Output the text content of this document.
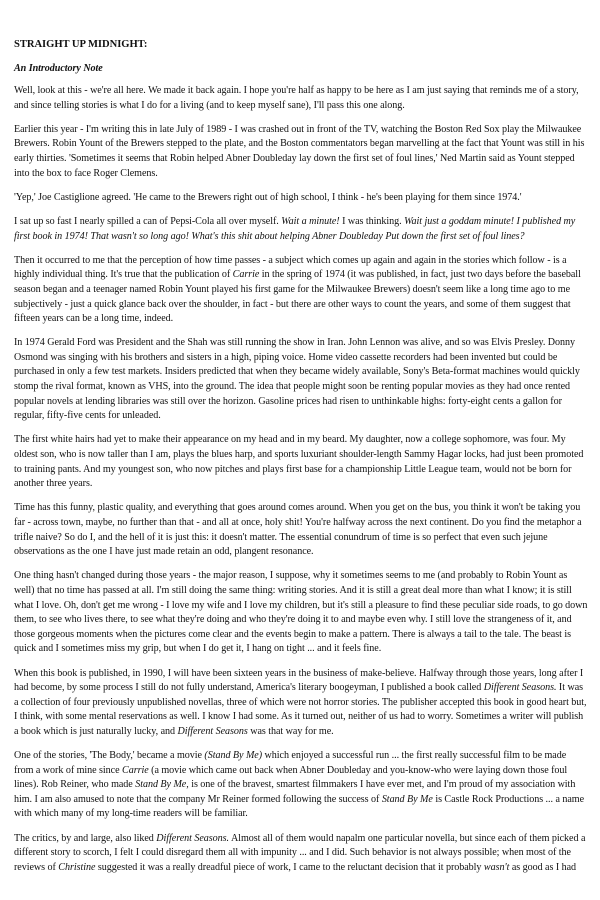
STRAIGHT UP MIDNIGHT:
An Introductory Note

Well, look at this - we're all here. We made it back again. I hope you're half as happy to be here as I am just saying that reminds me of a story, and since telling stories is what I do for a living (and to keep myself sane), I'll pass this one along.

Earlier this year - I'm writing this in late July of 1989 - I was crashed out in front of the TV, watching the Boston Red Sox play the Milwaukee Brewers. Robin Yount of the Brewers stepped to the plate, and the Boston commentators began marvelling at the fact that Yount was still in his early thirties. 'Sometimes it seems that Robin helped Abner Doubleday lay down the first set of foul lines,' Ned Martin said as Yount stepped into the box to face Roger Clemens.

'Yep,' Joe Castiglione agreed. 'He came to the Brewers right out of high school, I think - he's been playing for them since 1974.'

I sat up so fast I nearly spilled a can of Pepsi-Cola all over myself. Wait a minute! I was thinking. Wait just a goddam minute! I published my first book in 1974! That wasn't so long ago! What's this shit about helping Abner Doubleday Put down the first set of foul lines?

Then it occurred to me that the perception of how time passes - a subject which comes up again and again in the stories which follow - is a highly individual thing. It's true that the publication of Carrie in the spring of 1974 (it was published, in fact, just two days before the baseball season began and a teenager named Robin Yount played his first game for the Milwaukee Brewers) doesn't seem like a long time ago to me subjectively - just a quick glance back over the shoulder, in fact - but there are other ways to count the years, and some of them suggest that fifteen years can be a long time, indeed.

In 1974 Gerald Ford was President and the Shah was still running the show in Iran. John Lennon was alive, and so was Elvis Presley. Donny Osmond was singing with his brothers and sisters in a high, piping voice. Home video cassette recorders had been invented but could be purchased in only a few test markets. Insiders predicted that when they became widely available, Sony's Beta-format machines would quickly stomp the rival format, known as VHS, into the ground. The idea that people might soon be renting popular movies as they had once rented popular novels at lending libraries was still over the horizon. Gasoline prices had risen to unthinkable highs: forty-eight cents a gallon for regular, fifty-five cents for unleaded.

The first white hairs had yet to make their appearance on my head and in my beard. My daughter, now a college sophomore, was four. My oldest son, who is now taller than I am, plays the blues harp, and sports luxuriant shoulder-length Sammy Hagar locks, had just been promoted to training pants. And my youngest son, who now pitches and plays first base for a championship Little League team, would not be born for another three years.

Time has this funny, plastic quality, and everything that goes around comes around. When you get on the bus, you think it won't be taking you far - across town, maybe, no further than that - and all at once, holy shit! You're halfway across the next continent. Do you find the metaphor a trifle naive? So do I, and the hell of it is just this: it doesn't matter. The essential conundrum of time is so perfect that even such jejune observations as the one I have just made retain an odd, plangent resonance.

One thing hasn't changed during those years - the major reason, I suppose, why it sometimes seems to me (and probably to Robin Yount as well) that no time has passed at all. I'm still doing the same thing: writing stories. And it is still a great deal more than what I know; it is still what I love. Oh, don't get me wrong - I love my wife and I love my children, but it's still a pleasure to find these peculiar side roads, to go down them, to see who lives there, to see what they're doing and who they're doing it to and maybe even why. I still love the strangeness of it, and those gorgeous moments when the pictures come clear and the events begin to make a pattern. There is always a tail to the tale. The beast is quick and I sometimes miss my grip, but when I do get it, I hang on tight ... and it feels fine.

When this book is published, in 1990, I will have been sixteen years in the business of make-believe. Halfway through those years, long after I had become, by some process I still do not fully understand, America's literary boogeyman, I published a book called Different Seasons. It was a collection of four previously unpublished novellas, three of which were not horror stories. The publisher accepted this book in good heart but, I think, with some mental reservations as well. I know I had some. As it turned out, neither of us had to worry. Sometimes a writer will publish a book which is just naturally lucky, and Different Seasons was that way for me.

One of the stories, 'The Body,' became a movie (Stand By Me) which enjoyed a successful run ... the first really successful film to be made from a work of mine since Carrie (a movie which came out back when Abner Doubleday and you-know-who were laying down those foul lines). Rob Reiner, who made Stand By Me, is one of the bravest, smartest filmmakers I have ever met, and I'm proud of my association with him. I am also amused to note that the company Mr Reiner formed following the success of Stand By Me is Castle Rock Productions ... a name with which many of my long-time readers will be familiar.

The critics, by and large, also liked Different Seasons. Almost all of them would napalm one particular novella, but since each of them picked a different story to scorch, I felt I could disregard them all with impunity ... and I did. Such behavior is not always possible; when most of the reviews of Christine suggested it was a really dreadful piece of work, I came to the reluctant decision that it probably wasn't as good as I had
